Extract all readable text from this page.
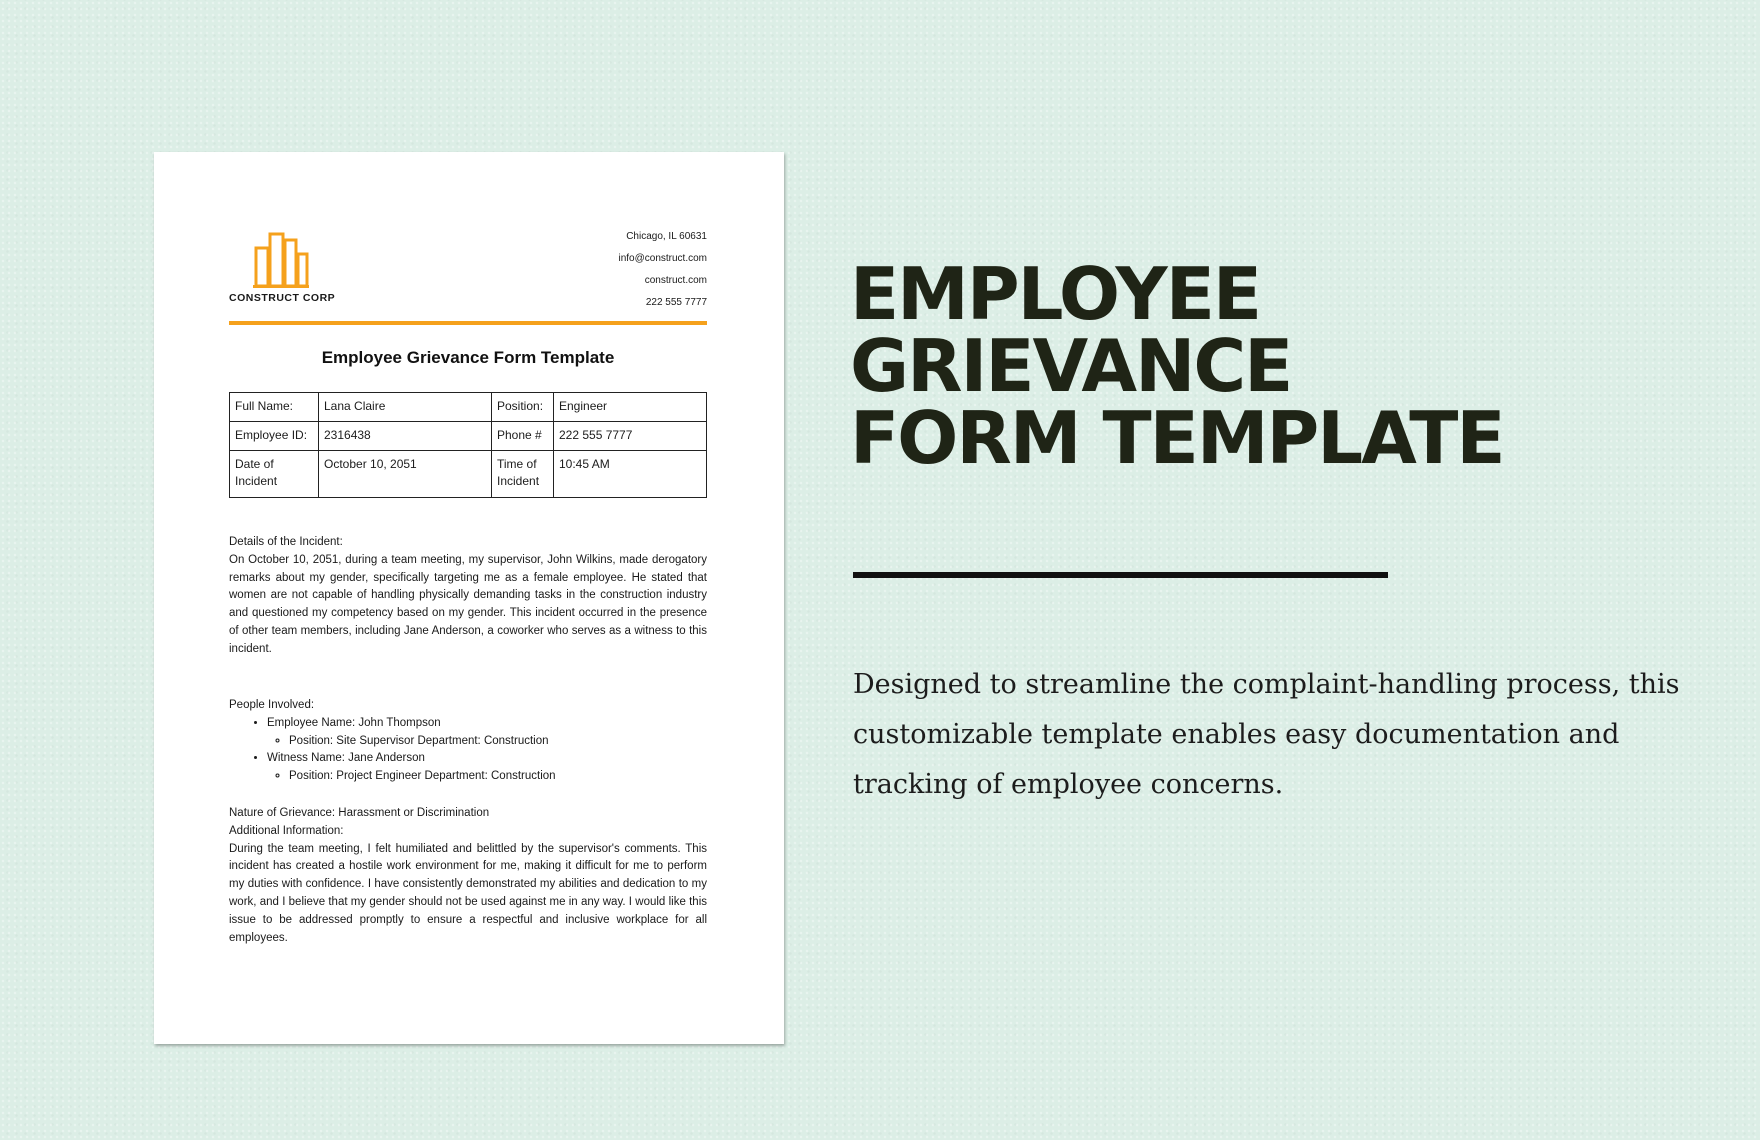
CONSTRUCT CORP
Chicago, IL 60631
info@construct.com
construct.com
222 555 7777
Employee Grievance Form Template
Full Name:	Lana Claire	Position:	Engineer
Employee ID:	2316438	Phone #	222 555 7777
Date of Incident	October 10, 2051	Time of Incident	10:45 AM
Details of the Incident:
On October 10, 2051, during a team meeting, my supervisor, John Wilkins, made derogatory remarks about my gender, specifically targeting me as a female employee. He stated that women are not capable of handling physically demanding tasks in the construction industry and questioned my competency based on my gender. This incident occurred in the presence of other team members, including Jane Anderson, a coworker who serves as a witness to this incident.
People Involved:
• Employee Name: John Thompson
◦ Position: Site Supervisor Department: Construction
• Witness Name: Jane Anderson
◦ Position: Project Engineer Department: Construction
Nature of Grievance: Harassment or Discrimination
Additional Information:
During the team meeting, I felt humiliated and belittled by the supervisor's comments. This incident has created a hostile work environment for me, making it difficult for me to perform my duties with confidence. I have consistently demonstrated my abilities and dedication to my work, and I believe that my gender should not be used against me in any way. I would like this issue to be addressed promptly to ensure a respectful and inclusive workplace for all employees.
EMPLOYEE
GRIEVANCE
FORM TEMPLATE
Designed to streamline the complaint-handling process, this customizable template enables easy documentation and tracking of employee concerns.
